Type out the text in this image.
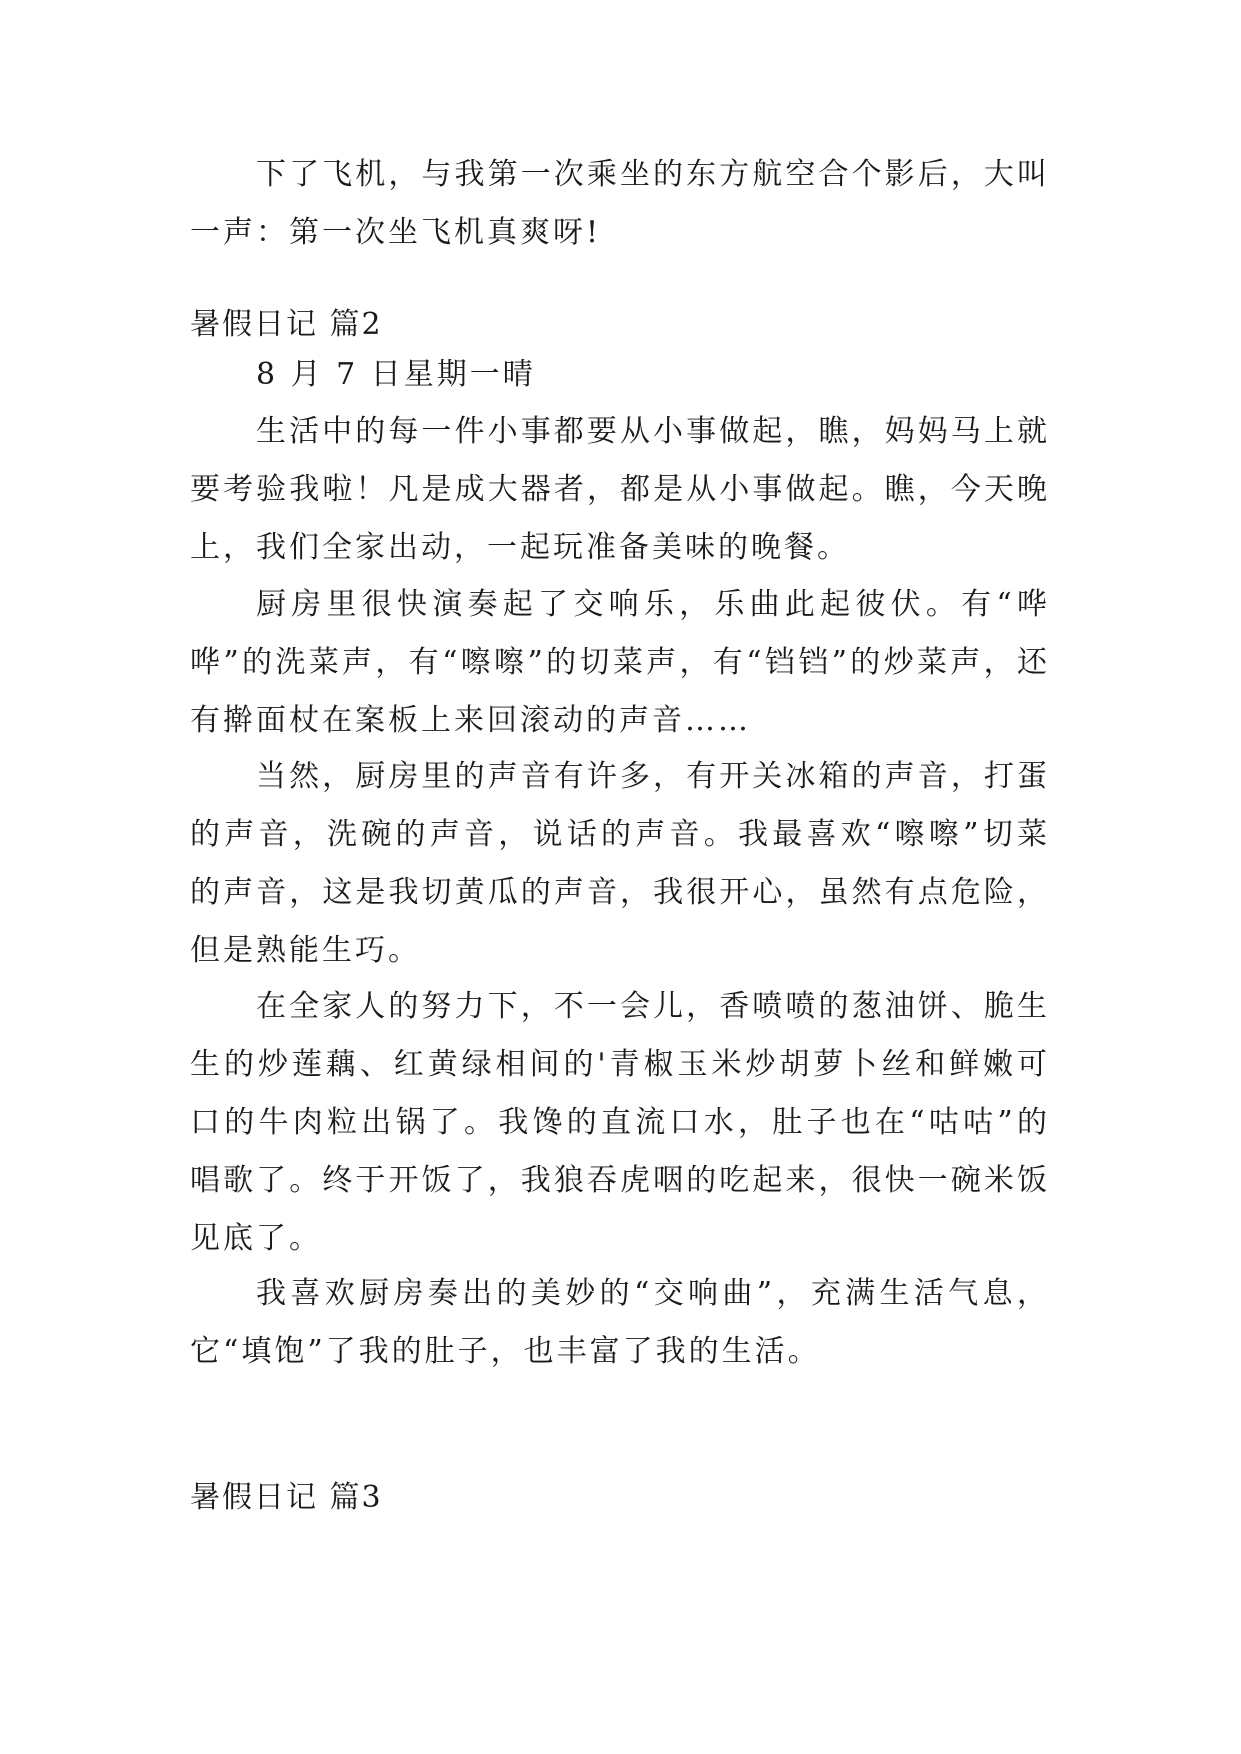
下了飞机，与我第一次乘坐的东方航空合个影后，大叫一声：第一次坐飞机真爽呀!

暑假日记 篇2

8 月 7 日星期一晴

生活中的每一件小事都要从小事做起，瞧，妈妈马上就要考验我啦！凡是成大器者，都是从小事做起。瞧，今天晚上，我们全家出动，一起玩准备美味的晚餐。

厨房里很快演奏起了交响乐，乐曲此起彼伏。有“哗哗”的洗菜声，有“嚓嚓”的切菜声，有“铛铛”的炒菜声，还有擀面杖在案板上来回滚动的声音……

当然，厨房里的声音有许多，有开关冰箱的声音，打蛋的声音，洗碗的声音，说话的声音。我最喜欢“嚓嚓”切菜的声音，这是我切黄瓜的声音，我很开心，虽然有点危险，但是熟能生巧。

在全家人的努力下，不一会儿，香喷喷的葱油饼、脆生生的炒莲藕、红黄绿相间的'青椒玉米炒胡萝卜丝和鲜嫩可口的牛肉粒出锅了。我馋的直流口水，肚子也在“咕咕”的唱歌了。终于开饭了，我狼吞虎咽的吃起来，很快一碗米饭见底了。

我喜欢厨房奏出的美妙的“交响曲”，充满生活气息，它“填饱”了我的肚子，也丰富了我的生活。

暑假日记 篇3
